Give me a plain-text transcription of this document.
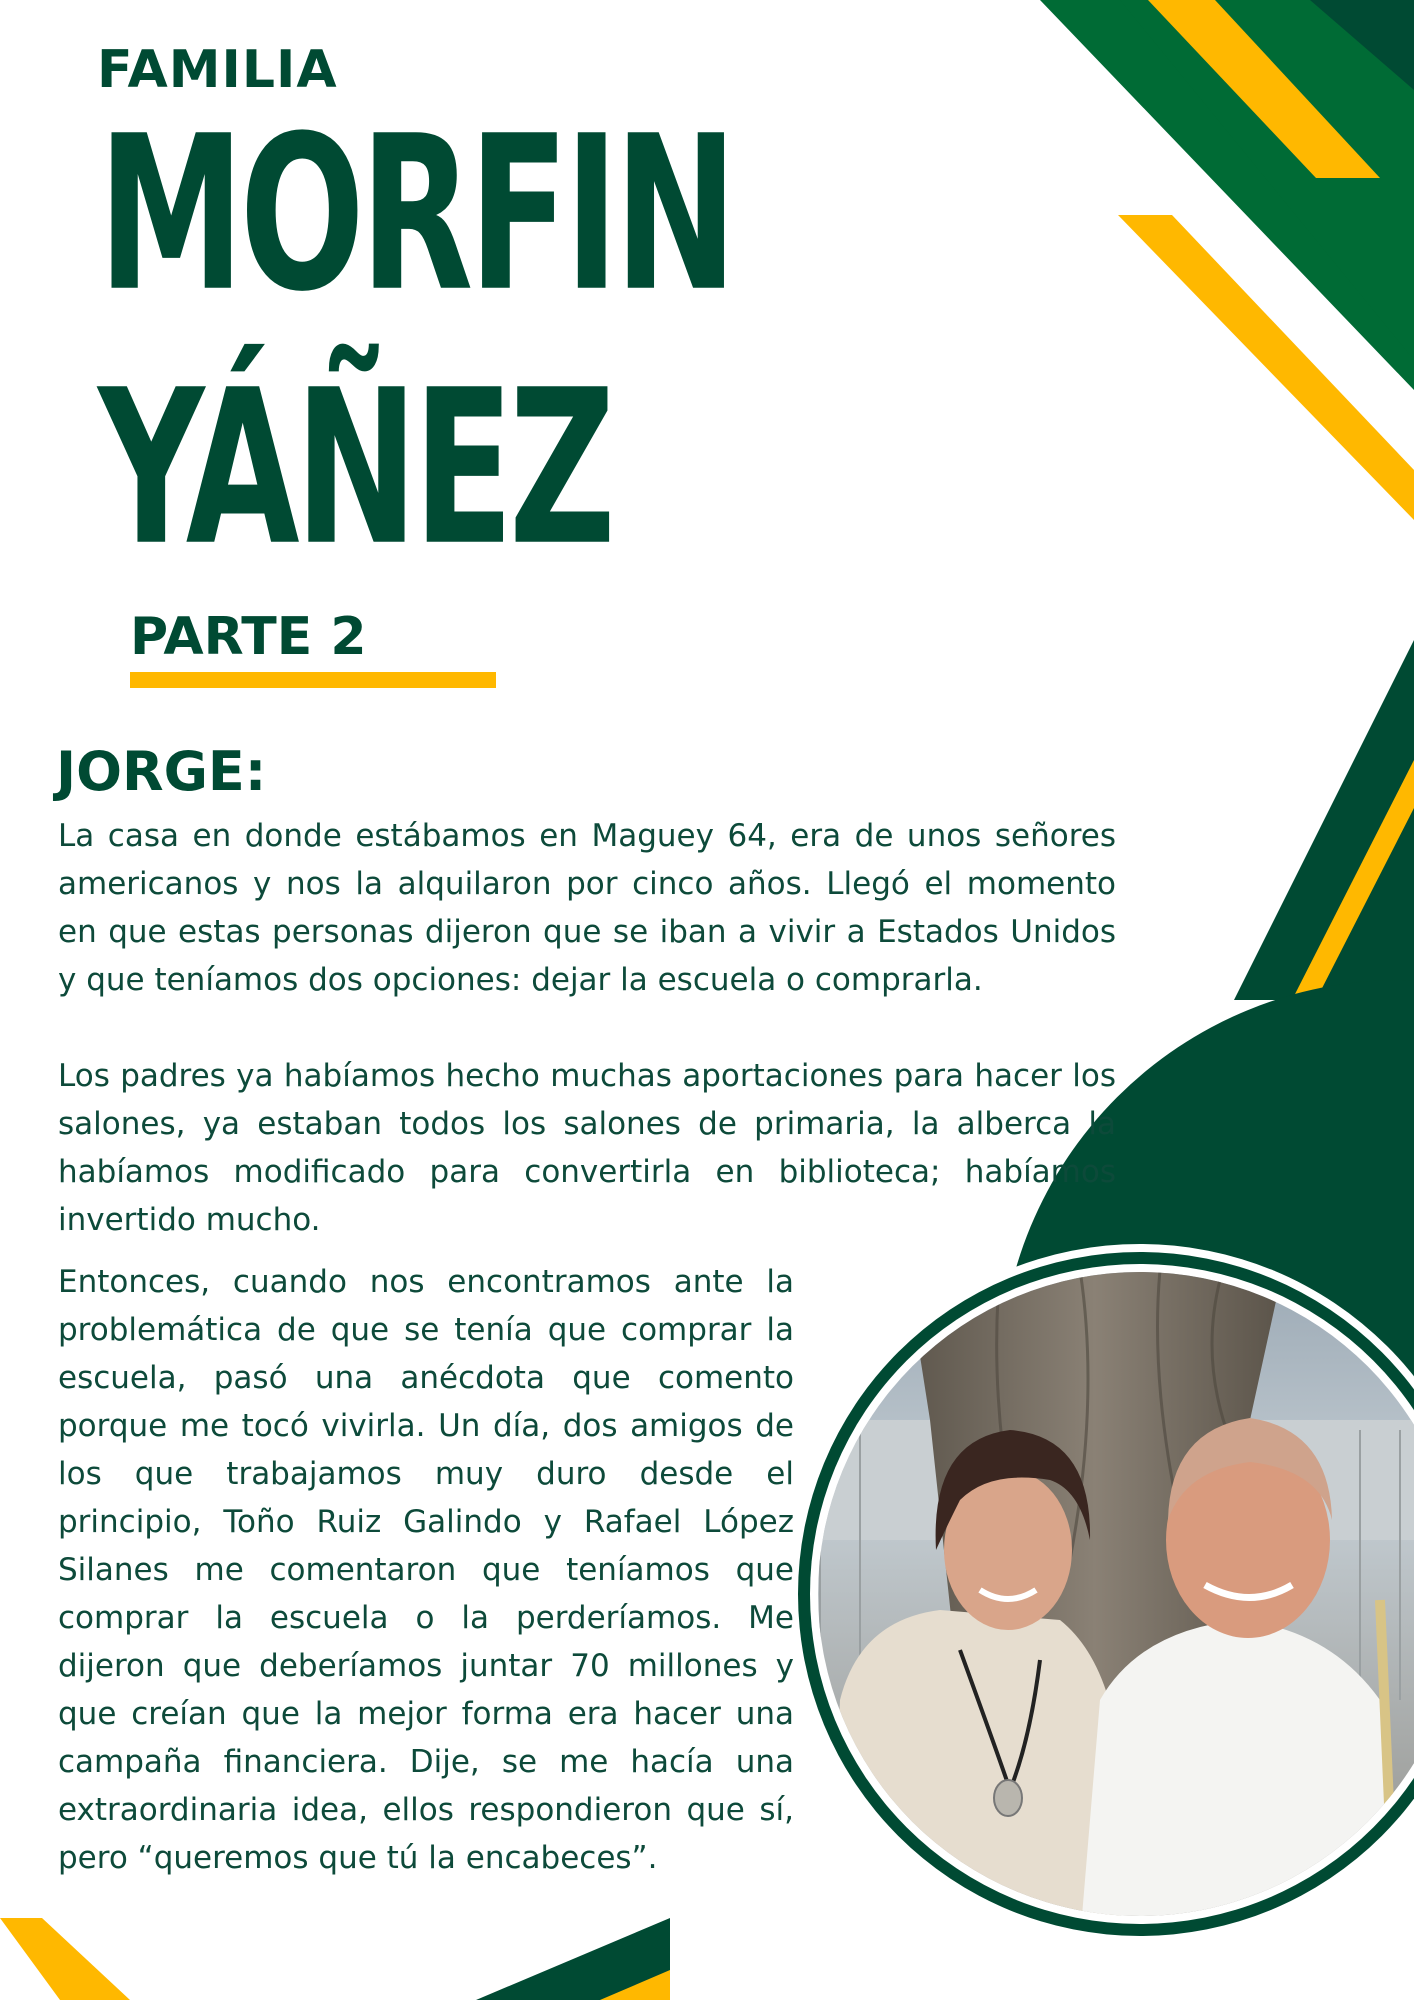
FAMILIA
MORFIN
YÁÑEZ
PARTE 2
JORGE:

La casa en donde estábamos en Maguey 64, era de unos señores americanos y nos la alquilaron por cinco años. Llegó el momento en que estas personas dijeron que se iban a vivir a Estados Unidos y que teníamos dos opciones: dejar la escuela o comprarla.

Los padres ya habíamos hecho muchas aportaciones para hacer los salones, ya estaban todos los salones de primaria, la alberca la habíamos modificado para convertirla en biblioteca; habíamos invertido mucho.

Entonces, cuando nos encontramos ante la problemática de que se tenía que comprar la escuela, pasó una anécdota que comento porque me tocó vivirla. Un día, dos amigos de los que trabajamos muy duro desde el principio, Toño Ruiz Galindo y Rafael López Silanes me comentaron que teníamos que comprar la escuela o la perderíamos. Me dijeron que deberíamos juntar 70 millones y que creían que la mejor forma era hacer una campaña financiera. Dije, se me hacía una extraordinaria idea, ellos respondieron que sí, pero “queremos que tú la encabeces”.
